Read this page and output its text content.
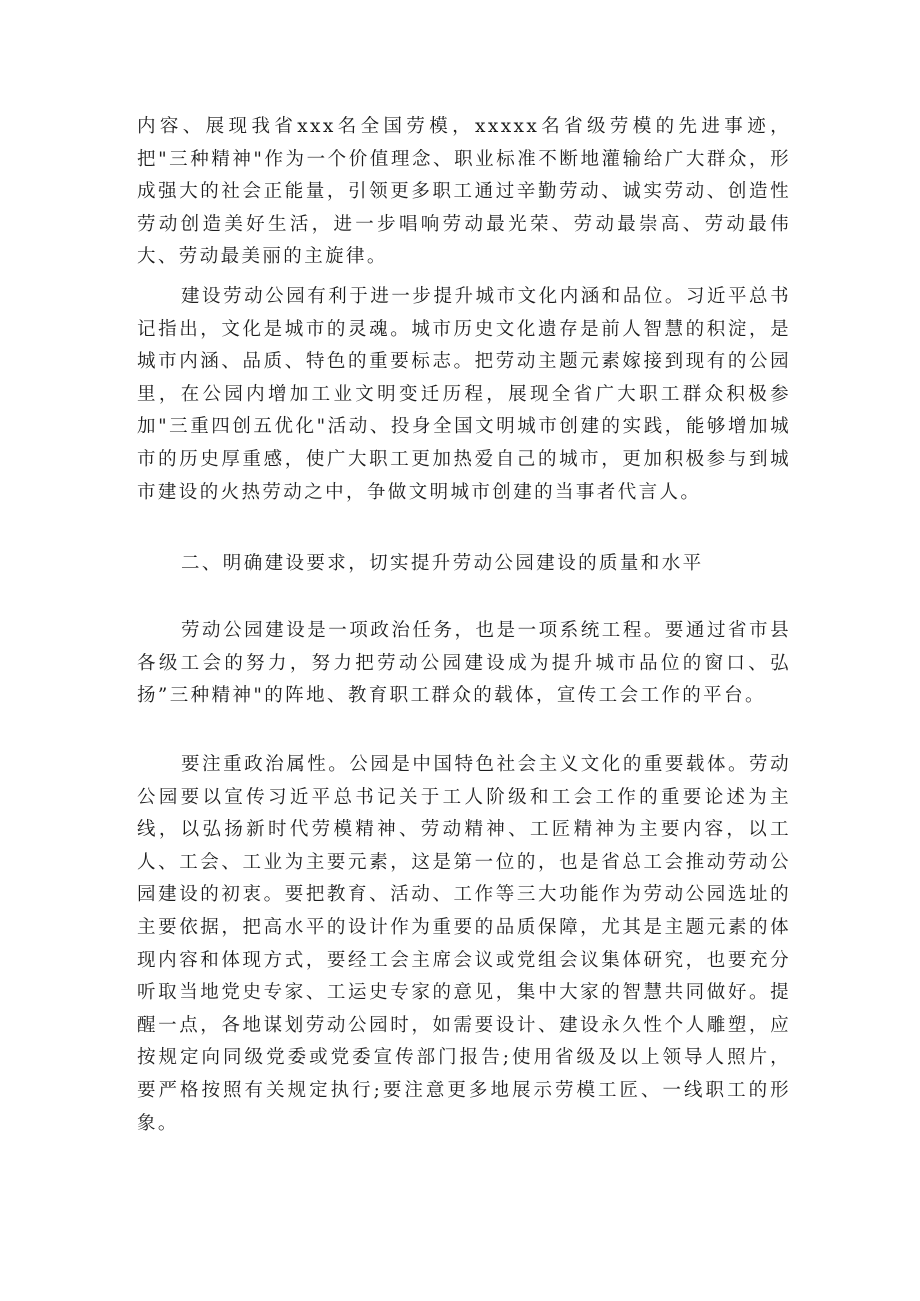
内容、展现我省xxx名全国劳模，xxxxx名省级劳模的先进事迹，把"三种精神"作为一个价值理念、职业标准不断地灌输给广大群众，形成强大的社会正能量，引领更多职工通过辛勤劳动、诚实劳动、创造性劳动创造美好生活，进一步唱响劳动最光荣、劳动最崇高、劳动最伟大、劳动最美丽的主旋律。

建设劳动公园有利于进一步提升城市文化内涵和品位。习近平总书记指出，文化是城市的灵魂。城市历史文化遗存是前人智慧的积淀，是城市内涵、品质、特色的重要标志。把劳动主题元素嫁接到现有的公园里，在公园内增加工业文明变迁历程，展现全省广大职工群众积极参加"三重四创五优化"活动、投身全国文明城市创建的实践，能够增加城市的历史厚重感，使广大职工更加热爱自己的城市，更加积极参与到城市建设的火热劳动之中，争做文明城市创建的当事者代言人。

二、明确建设要求，切实提升劳动公园建设的质量和水平

劳动公园建设是一项政治任务，也是一项系统工程。要通过省市县各级工会的努力，努力把劳动公园建设成为提升城市品位的窗口、弘扬”三种精神"的阵地、教育职工群众的载体，宣传工会工作的平台。

要注重政治属性。公园是中国特色社会主义文化的重要载体。劳动公园要以宣传习近平总书记关于工人阶级和工会工作的重要论述为主线，以弘扬新时代劳模精神、劳动精神、工匠精神为主要内容，以工人、工会、工业为主要元素，这是第一位的，也是省总工会推动劳动公园建设的初衷。要把教育、活动、工作等三大功能作为劳动公园选址的主要依据，把高水平的设计作为重要的品质保障，尤其是主题元素的体现内容和体现方式，要经工会主席会议或党组会议集体研究，也要充分听取当地党史专家、工运史专家的意见，集中大家的智慧共同做好。提醒一点，各地谋划劳动公园时，如需要设计、建设永久性个人雕塑，应按规定向同级党委或党委宣传部门报告;使用省级及以上领导人照片，要严格按照有关规定执行;要注意更多地展示劳模工匠、一线职工的形象。
